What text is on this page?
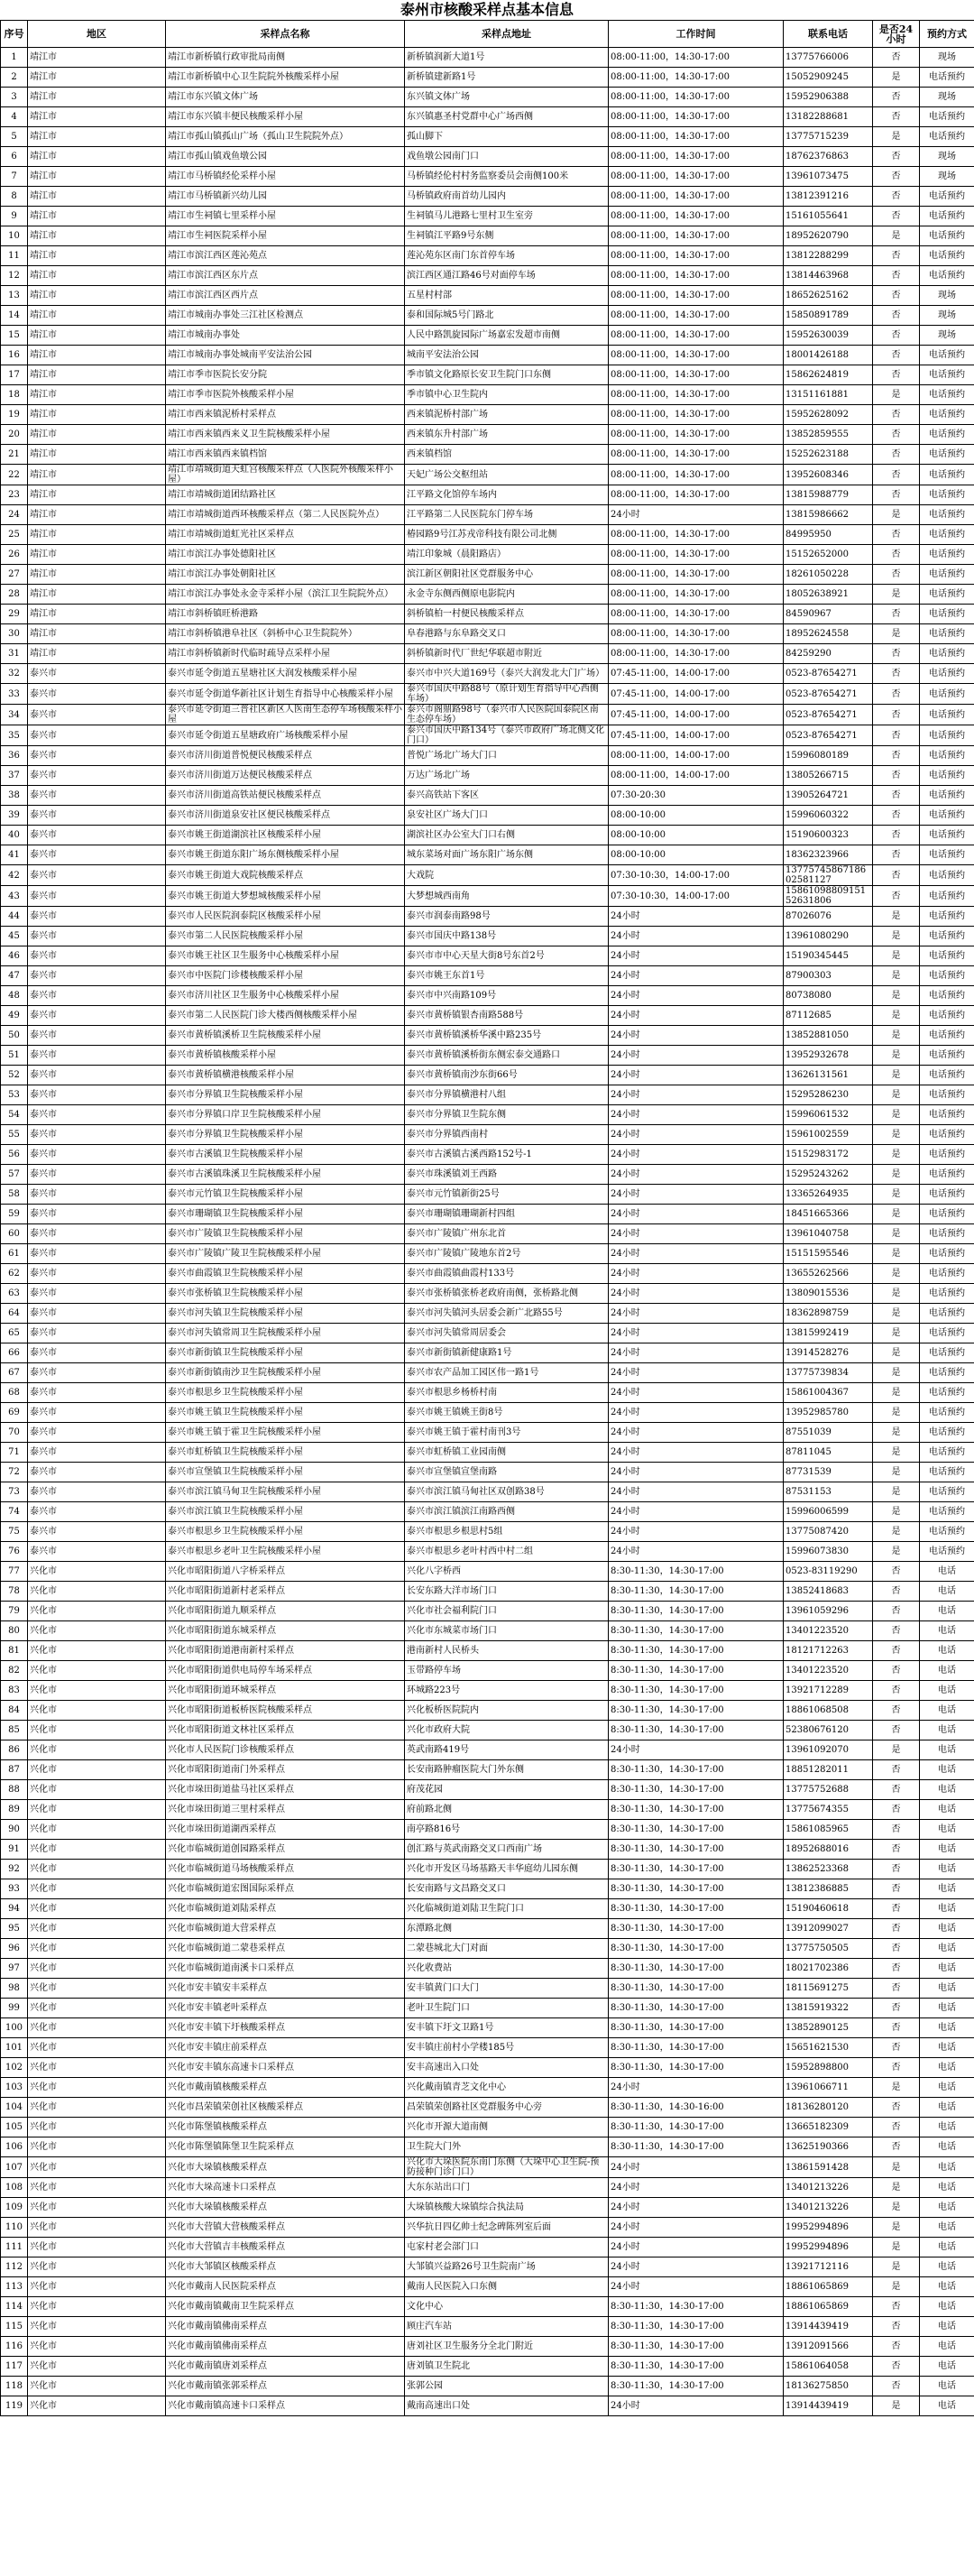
泰州市核酸采样点基本信息
序号	地区	采样点名称	采样点地址	工作时间	联系电话	是否24小时	预约方式
1	靖江市	靖江市新桥镇行政审批局南侧	新桥镇润新大道1号	08:00-11:00，14:30-17:00	13775766006	否	现场
2	靖江市	靖江市新桥镇中心卫生院院外核酸采样小屋	新桥镇建新路1号	08:00-11:00，14:30-17:00	15052909245	是	电话预约
3	靖江市	靖江市东兴镇文体广场	东兴镇文体广场	08:00-11:00，14:30-17:00	15952906388	否	现场
4	靖江市	靖江市东兴镇丰便民核酸采样小屋	东兴镇惠圣村党群中心广场西侧	08:00-11:00，14:30-17:00	13182288681	否	电话预约
5	靖江市	靖江市孤山镇孤山广场（孤山卫生院院外点）	孤山脚下	08:00-11:00，14:30-17:00	13775715239	是	电话预约
6	靖江市	靖江市孤山镇戏鱼墩公园	戏鱼墩公园南门口	08:00-11:00，14:30-17:00	18762376863	否	现场
7	靖江市	靖江市马桥镇经伦采样小屋	马桥镇经伦村村务监察委员会南侧100米	08:00-11:00，14:30-17:00	13961073475	否	现场
8	靖江市	靖江市马桥镇新兴幼儿园	马桥镇政府南首幼儿园内	08:00-11:00，14:30-17:00	13812391216	否	电话预约
9	靖江市	靖江市生祠镇七里采样小屋	生祠镇马儿港路七里村卫生室旁	08:00-11:00，14:30-17:00	15161055641	否	电话预约
10	靖江市	靖江市生祠医院采样小屋	生祠镇江平路9号东侧	08:00-11:00，14:30-17:00	18952620790	是	电话预约
11	靖江市	靖江市滨江西区莲沁苑点	莲沁苑东区南门东首停车场	08:00-11:00，14:30-17:00	13812288299	否	电话预约
12	靖江市	靖江市滨江西区东片点	滨江西区通江路46号对面停车场	08:00-11:00，14:30-17:00	13814463968	否	电话预约
13	靖江市	靖江市滨江西区西片点	五星村村部	08:00-11:00，14:30-17:00	18652625162	否	现场
14	靖江市	靖江市城南办事处三江社区检测点	泰和国际城5号门路北	08:00-11:00，14:30-17:00	15850891789	否	现场
15	靖江市	靖江市城南办事处	人民中路凯旋园际广场嘉宏发超市南侧	08:00-11:00，14:30-17:00	15952630039	否	现场
16	靖江市	靖江市城南办事处城南平安法治公园	城南平安法治公园	08:00-11:00，14:30-17:00	18001426188	否	电话预约
17	靖江市	靖江市季市医院长安分院	季市镇文化路原长安卫生院门口东侧	08:00-11:00，14:30-17:00	15862624819	否	电话预约
18	靖江市	靖江市季市医院外核酸采样小屋	季市镇中心卫生院内	08:00-11:00，14:30-17:00	13151161881	是	电话预约
19	靖江市	靖江市西来镇泥桥村采样点	西来镇泥桥村部广场	08:00-11:00，14:30-17:00	15952628092	否	电话预约
20	靖江市	靖江市西来镇西来义卫生院核酸采样小屋	西来镇东升村部广场	08:00-11:00，14:30-17:00	13852859555	否	电话预约
21	靖江市	靖江市西来镇西来镇档馆	西来镇档馆	08:00-11:00，14:30-17:00	15252623188	否	电话预约
22	靖江市	靖江市靖城街道天虹宫核酸采样点（人医院外核酸采样小屋）	天妃广场公交枢纽站	08:00-11:00，14:30-17:00	13952608346	否	电话预约
23	靖江市	靖江市靖城街道团结路社区	江平路文化馆停车场内	08:00-11:00，14:30-17:00	13815988779	否	电话预约
24	靖江市	靖江市靖城街道西环核酸采样点（第二人民医院外点）	江平路第二人民医院东门停车场	24小时	13815986662	是	电话预约
25	靖江市	靖江市靖城街道虹光社区采样点	椿园路9号江苏戎帝科技有限公司北侧	08:00-11:00，14:30-17:00	84995950	否	电话预约
26	靖江市	靖江市滨江办事处德阳社区	靖江印象城（晨阳路店）	08:00-11:00，14:30-17:00	15152652000	否	电话预约
27	靖江市	靖江市滨江办事处朝阳社区	滨江新区朝阳社区党群服务中心	08:00-11:00，14:30-17:00	18261050228	否	电话预约
28	靖江市	靖江市滨江办事处永金寺采样小屋（滨江卫生院院外点）	永金寺东侧西侧原电影院内	08:00-11:00，14:30-17:00	18052638921	是	电话预约
29	靖江市	靖江市斜桥镇旺桥港路	斜桥镇柏一村便民核酸采样点	08:00-11:00，14:30-17:00	84590967	否	电话预约
30	靖江市	靖江市斜桥镇港阜社区（斜桥中心卫生院院外）	阜春港路与东阜路交叉口	08:00-11:00，14:30-17:00	18952624558	是	电话预约
31	靖江市	靖江市斜桥镇新时代临时疏导点采样小屋	斜桥镇新时代厂世纪华联超市附近	08:00-11:00，14:30-17:00	84259290	否	电话预约
32	泰兴市	泰兴市延令街道五星塘社区大润发核酸采样小屋	泰兴市中兴大道169号（泰兴大润发北大门广场）	07:45-11:00，14:00-17:00	0523-87654271	否	电话预约
33	泰兴市	泰兴市延令街道华新社区计划生育指导中心核酸采样小屋	泰兴市国庆中路88号（原计划生育指导中心西侧车场）	07:45-11:00，14:00-17:00	0523-87654271	否	电话预约
34	泰兴市	泰兴市延令街道三普社区新区人医南生态停车场核酸采样小屋	泰兴市阁鼎路98号（泰兴市人民医院国泰院区南生态停车场）	07:45-11:00，14:00-17:00	0523-87654271	否	电话预约
35	泰兴市	泰兴市延令街道五星塘政府广场核酸采样小屋	泰兴市国庆中路134号（泰兴市政府广场北侧文化门口）	07:45-11:00，14:00-17:00	0523-87654271	否	电话预约
36	泰兴市	泰兴市济川街道普悦便民核酸采样点	普悦广场北广场大门口	08:00-11:00，14:00-17:00	15996080189	否	电话预约
37	泰兴市	泰兴市济川街道万达便民核酸采样点	万达广场北广场	08:00-11:00，14:00-17:00	13805266715	否	电话预约
38	泰兴市	泰兴市济川街道高铁站便民核酸采样点	泰兴高铁站下客区	07:30-20:30	13905264721	否	电话预约
39	泰兴市	泰兴市济川街道泉安社区便民核酸采样点	泉安社区广场大门口	08:00-10:00	15996060322	否	电话预约
40	泰兴市	泰兴市姚王街道湖滨社区核酸采样小屋	湖滨社区办公室大门口右侧	08:00-10:00	15190600323	否	电话预约
41	泰兴市	泰兴市姚王街道东阳广场东侧核酸采样小屋	城东菜场对面广场东阳广场东侧	08:00-10:00	18362323966	否	电话预约
42	泰兴市	泰兴市姚王街道大戏院核酸采样点	大戏院	07:30-10:30，14:00-17:00	13775745867186 02581127	否	电话预约
43	泰兴市	泰兴市姚王街道大梦想城核酸采样小屋	大梦想城西南角	07:30-10:30，14:00-17:00	15861098809151 52631806	否	电话预约
44	泰兴市	泰兴市人民医院润泰院区核酸采样小屋	泰兴市润泰南路98号	24小时	87026076	是	电话预约
45	泰兴市	泰兴市第二人民医院核酸采样小屋	泰兴市国庆中路138号	24小时	13961080290	是	电话预约
46	泰兴市	泰兴市姚王社区卫生服务中心核酸采样小屋	泰兴市市中心天星大街8号东首2号	24小时	15190345445	是	电话预约
47	泰兴市	泰兴市中医院门诊楼核酸采样小屋	泰兴市姚王东首1号	24小时	87900303	是	电话预约
48	泰兴市	泰兴市济川社区卫生服务中心核酸采样小屋	泰兴市中兴南路109号	24小时	80738080	是	电话预约
49	泰兴市	泰兴市第二人民医院门诊大楼西侧核酸采样小屋	泰兴市黄桥镇银杏南路588号	24小时	87112685	是	电话预约
50	泰兴市	泰兴市黄桥镇溪桥卫生院核酸采样小屋	泰兴市黄桥镇溪桥华溪中路235号	24小时	13852881050	是	电话预约
51	泰兴市	泰兴市黄桥镇核酸采样小屋	泰兴市黄桥镇溪桥街东侧宏泰交通路口	24小时	13952932678	是	电话预约
52	泰兴市	泰兴市黄桥镇横港核酸采样小屋	泰兴市黄桥镇南沙东街66号	24小时	13626131561	是	电话预约
53	泰兴市	泰兴市分界镇卫生院核酸采样小屋	泰兴市分界镇横港村八组	24小时	15295286230	是	电话预约
54	泰兴市	泰兴市分界镇口岸卫生院核酸采样小屋	泰兴市分界镇卫生院东侧	24小时	15996061532	是	电话预约
55	泰兴市	泰兴市分界镇卫生院核酸采样小屋	泰兴市分界镇西南村	24小时	15961002559	是	电话预约
56	泰兴市	泰兴市古溪镇卫生院核酸采样小屋	泰兴市古溪镇古溪西路152号-1	24小时	15152983172	是	电话预约
57	泰兴市	泰兴市古溪镇珠溪卫生院核酸采样小屋	泰兴市珠溪镇刘王西路	24小时	15295243262	是	电话预约
58	泰兴市	泰兴市元竹镇卫生院核酸采样小屋	泰兴市元竹镇新街25号	24小时	13365264935	是	电话预约
59	泰兴市	泰兴市珊瑚镇卫生院核酸采样小屋	泰兴市珊瑚镇珊瑚新村四组	24小时	18451665366	是	电话预约
60	泰兴市	泰兴市广陵镇卫生院核酸采样小屋	泰兴市广陵镇广州东北首	24小时	13961040758	是	电话预约
61	泰兴市	泰兴市广陵镇广陵卫生院核酸采样小屋	泰兴市广陵镇广陵地东首2号	24小时	15151595546	是	电话预约
62	泰兴市	泰兴市曲霞镇卫生院核酸采样小屋	泰兴市曲霞镇曲霞村133号	24小时	13655262566	是	电话预约
63	泰兴市	泰兴市张桥镇卫生院核酸采样小屋	泰兴市张桥镇张桥老政府南侧，张桥路北侧	24小时	13809015536	是	电话预约
64	泰兴市	泰兴市河失镇卫生院核酸采样小屋	泰兴市河失镇河头居委会新广北路55号	24小时	18362898759	是	电话预约
65	泰兴市	泰兴市河失镇常周卫生院核酸采样小屋	泰兴市河失镇常周居委会	24小时	13815992419	是	电话预约
66	泰兴市	泰兴市新街镇卫生院核酸采样小屋	泰兴市新街镇新健康路1号	24小时	13914528276	是	电话预约
67	泰兴市	泰兴市新街镇南沙卫生院核酸采样小屋	泰兴市农产品加工园区伟一路1号	24小时	13775739834	是	电话预约
68	泰兴市	泰兴市根思乡卫生院核酸采样小屋	泰兴市根思乡杨桥村南	24小时	15861004367	是	电话预约
69	泰兴市	泰兴市姚王镇卫生院核酸采样小屋	泰兴市姚王镇姚王街8号	24小时	13952985780	是	电话预约
70	泰兴市	泰兴市姚王镇于霍卫生院核酸采样小屋	泰兴市姚王镇于霍村南刊3号	24小时	87551039	是	电话预约
71	泰兴市	泰兴市虹桥镇卫生院核酸采样小屋	泰兴市虹桥镇工业园南侧	24小时	87811045	是	电话预约
72	泰兴市	泰兴市宣堡镇卫生院核酸采样小屋	泰兴市宣堡镇宣堡南路	24小时	87731539	是	电话预约
73	泰兴市	泰兴市滨江镇马甸卫生院核酸采样小屋	泰兴市滨江镇马甸社区双创路38号	24小时	87531153	是	电话预约
74	泰兴市	泰兴市滨江镇卫生院核酸采样小屋	泰兴市滨江镇滨江南路西侧	24小时	15996006599	是	电话预约
75	泰兴市	泰兴市根思乡卫生院核酸采样小屋	泰兴市根思乡根思村5组	24小时	13775087420	是	电话预约
76	泰兴市	泰兴市根思乡老叶卫生院核酸采样小屋	泰兴市根思乡老叶村西中村二组	24小时	15996073830	是	电话预约
77	兴化市	兴化市昭阳街道八字桥采样点	兴化八字桥西	8:30-11:30，14:30-17:00	0523-83119290	否	电话
78	兴化市	兴化市昭阳街道新村老采样点	长安东路大洋市场门口	8:30-11:30，14:30-17:00	13852418683	否	电话
79	兴化市	兴化市昭阳街道九顺采样点	兴化市社会福利院门口	8:30-11:30，14:30-17:00	13961059296	否	电话
80	兴化市	兴化市昭阳街道东城采样点	兴化市东城菜市场门口	8:30-11:30，14:30-17:00	13401223520	否	电话
81	兴化市	兴化市昭阳街道港南新村采样点	港南新村人民桥头	8:30-11:30，14:30-17:00	18121712263	否	电话
82	兴化市	兴化市昭阳街道供电局停车场采样点	玉带路停车场	8:30-11:30，14:30-17:00	13401223520	否	电话
83	兴化市	兴化市昭阳街道环城采样点	环城路223号	8:30-11:30，14:30-17:00	13921712289	否	电话
84	兴化市	兴化市昭阳街道板桥医院核酸采样点	兴化板桥医院院内	8:30-11:30，14:30-17:00	18861068508	否	电话
85	兴化市	兴化市昭阳街道文林社区采样点	兴化市政府大院	8:30-11:30，14:30-17:00	52380676120	否	电话
86	兴化市	兴化市人民医院门诊核酸采样点	英武南路419号	24小时	13961092070	是	电话
87	兴化市	兴化市昭阳街道南门外采样点	长安南路肿瘤医院大门外东侧	8:30-11:30，14:30-17:00	18851282011	否	电话
88	兴化市	兴化市垛田街道盐马社区采样点	府茂花园	8:30-11:30，14:30-17:00	13775752688	否	电话
89	兴化市	兴化市垛田街道三里村采样点	府前路北侧	8:30-11:30，14:30-17:00	13775674355	否	电话
90	兴化市	兴化市垛田街道湖西采样点	南亭路816号	8:30-11:30，14:30-17:00	15861085965	否	电话
91	兴化市	兴化市临城街道创园路采样点	创汇路与英武南路交叉口西南广场	8:30-11:30，14:30-17:00	18952688016	否	电话
92	兴化市	兴化市临城街道马场核酸采样点	兴化市开发区马场基路天丰华庭幼儿园东侧	8:30-11:30，14:30-17:00	13862523368	否	电话
93	兴化市	兴化市临城街道宏图国际采样点	长安南路与文昌路交叉口	8:30-11:30，14:30-17:00	13812386885	否	电话
94	兴化市	兴化市临城街道刘陆采样点	兴化临城街道刘陆卫生院门口	8:30-11:30，14:30-17:00	15190460618	否	电话
95	兴化市	兴化市临城街道大营采样点	东潭路北侧	8:30-11:30，14:30-17:00	13912099027	否	电话
96	兴化市	兴化市临城街道二蒙巷采样点	二蒙巷城北大门对面	8:30-11:30，14:30-17:00	13775750505	否	电话
97	兴化市	兴化市临城街道南溪卡口采样点	兴化收费站	8:30-11:30，14:30-17:00	18021702386	否	电话
98	兴化市	兴化市安丰镇安丰采样点	安丰镇黄门口大门	8:30-11:30，14:30-17:00	18115691275	否	电话
99	兴化市	兴化市安丰镇老叶采样点	老叶卫生院门口	8:30-11:30，14:30-17:00	13815919322	否	电话
100	兴化市	兴化市安丰镇下圩核酸采样点	安丰镇下圩文卫路1号	8:30-11:30，14:30-17:00	13852890125	否	电话
101	兴化市	兴化市安丰镇庄前采样点	安丰镇庄前村小学楼185号	8:30-11:30，14:30-17:00	15651621530	否	电话
102	兴化市	兴化市安丰镇东高速卡口采样点	安丰高速出入口处	8:30-11:30，14:30-17:00	15952898800	否	电话
103	兴化市	兴化市戴南镇核酸采样点	兴化戴南镇青芝文化中心	24小时	13961066711	是	电话
104	兴化市	兴化市昌荣镇荣创社区核酸采样点	昌荣镇荣创路社区党群服务中心旁	8:30-11:30，14:30-16:00	18136280120	否	电话
105	兴化市	兴化市陈堡镇核酸采样点	兴化市开源大道南侧	8:30-11:30，14:30-17:00	13665182309	否	电话
106	兴化市	兴化市陈堡镇陈堡卫生院采样点	卫生院大门外	8:30-11:30，14:30-17:00	13625190366	否	电话
107	兴化市	兴化市大垛镇核酸采样点	兴化市大垛医院东南门东侧（大垛中心卫生院-预防接种门诊门口）	24小时	13861591428	是	电话
108	兴化市	兴化市大垛高速卡口采样点	大东东站出口门	24小时	13401213226	是	电话
109	兴化市	兴化市大垛镇核酸采样点	大垛镇核酸大垛镇综合执法局	24小时	13401213226	是	电话
110	兴化市	兴化市大营镇大营核酸采样点	兴华抗日四亿帅士纪念碑陈列室后面	24小时	19952994896	是	电话
111	兴化市	兴化市大营镇吉丰核酸采样点	屯家村老会部门口	24小时	19952994896	是	电话
112	兴化市	兴化市大邹镇区核酸采样点	大邹镇兴益路26号卫生院南广场	24小时	13921712116	是	电话
113	兴化市	兴化市戴南人民医院采样点	戴南人民医院入口东侧	24小时	18861065869	是	电话
114	兴化市	兴化市戴南镇戴南卫生院采样点	文化中心	8:30-11:30，14:30-17:00	18861065869	否	电话
115	兴化市	兴化市戴南镇佛南采样点	顾庄汽车站	8:30-11:30，14:30-17:00	13914439419	否	电话
116	兴化市	兴化市戴南镇佛南采样点	唐刘社区卫生服务分全北门附近	8:30-11:30，14:30-17:00	13912091566	否	电话
117	兴化市	兴化市戴南镇唐刘采样点	唐刘镇卫生院北	8:30-11:30，14:30-17:00	15861064058	否	电话
118	兴化市	兴化市戴南镇张郭采样点	张郭公园	8:30-11:30，14:30-17:00	18136275850	否	电话
119	兴化市	兴化市戴南镇高速卡口采样点	戴南高速出口处	24小时	13914439419	是	电话
